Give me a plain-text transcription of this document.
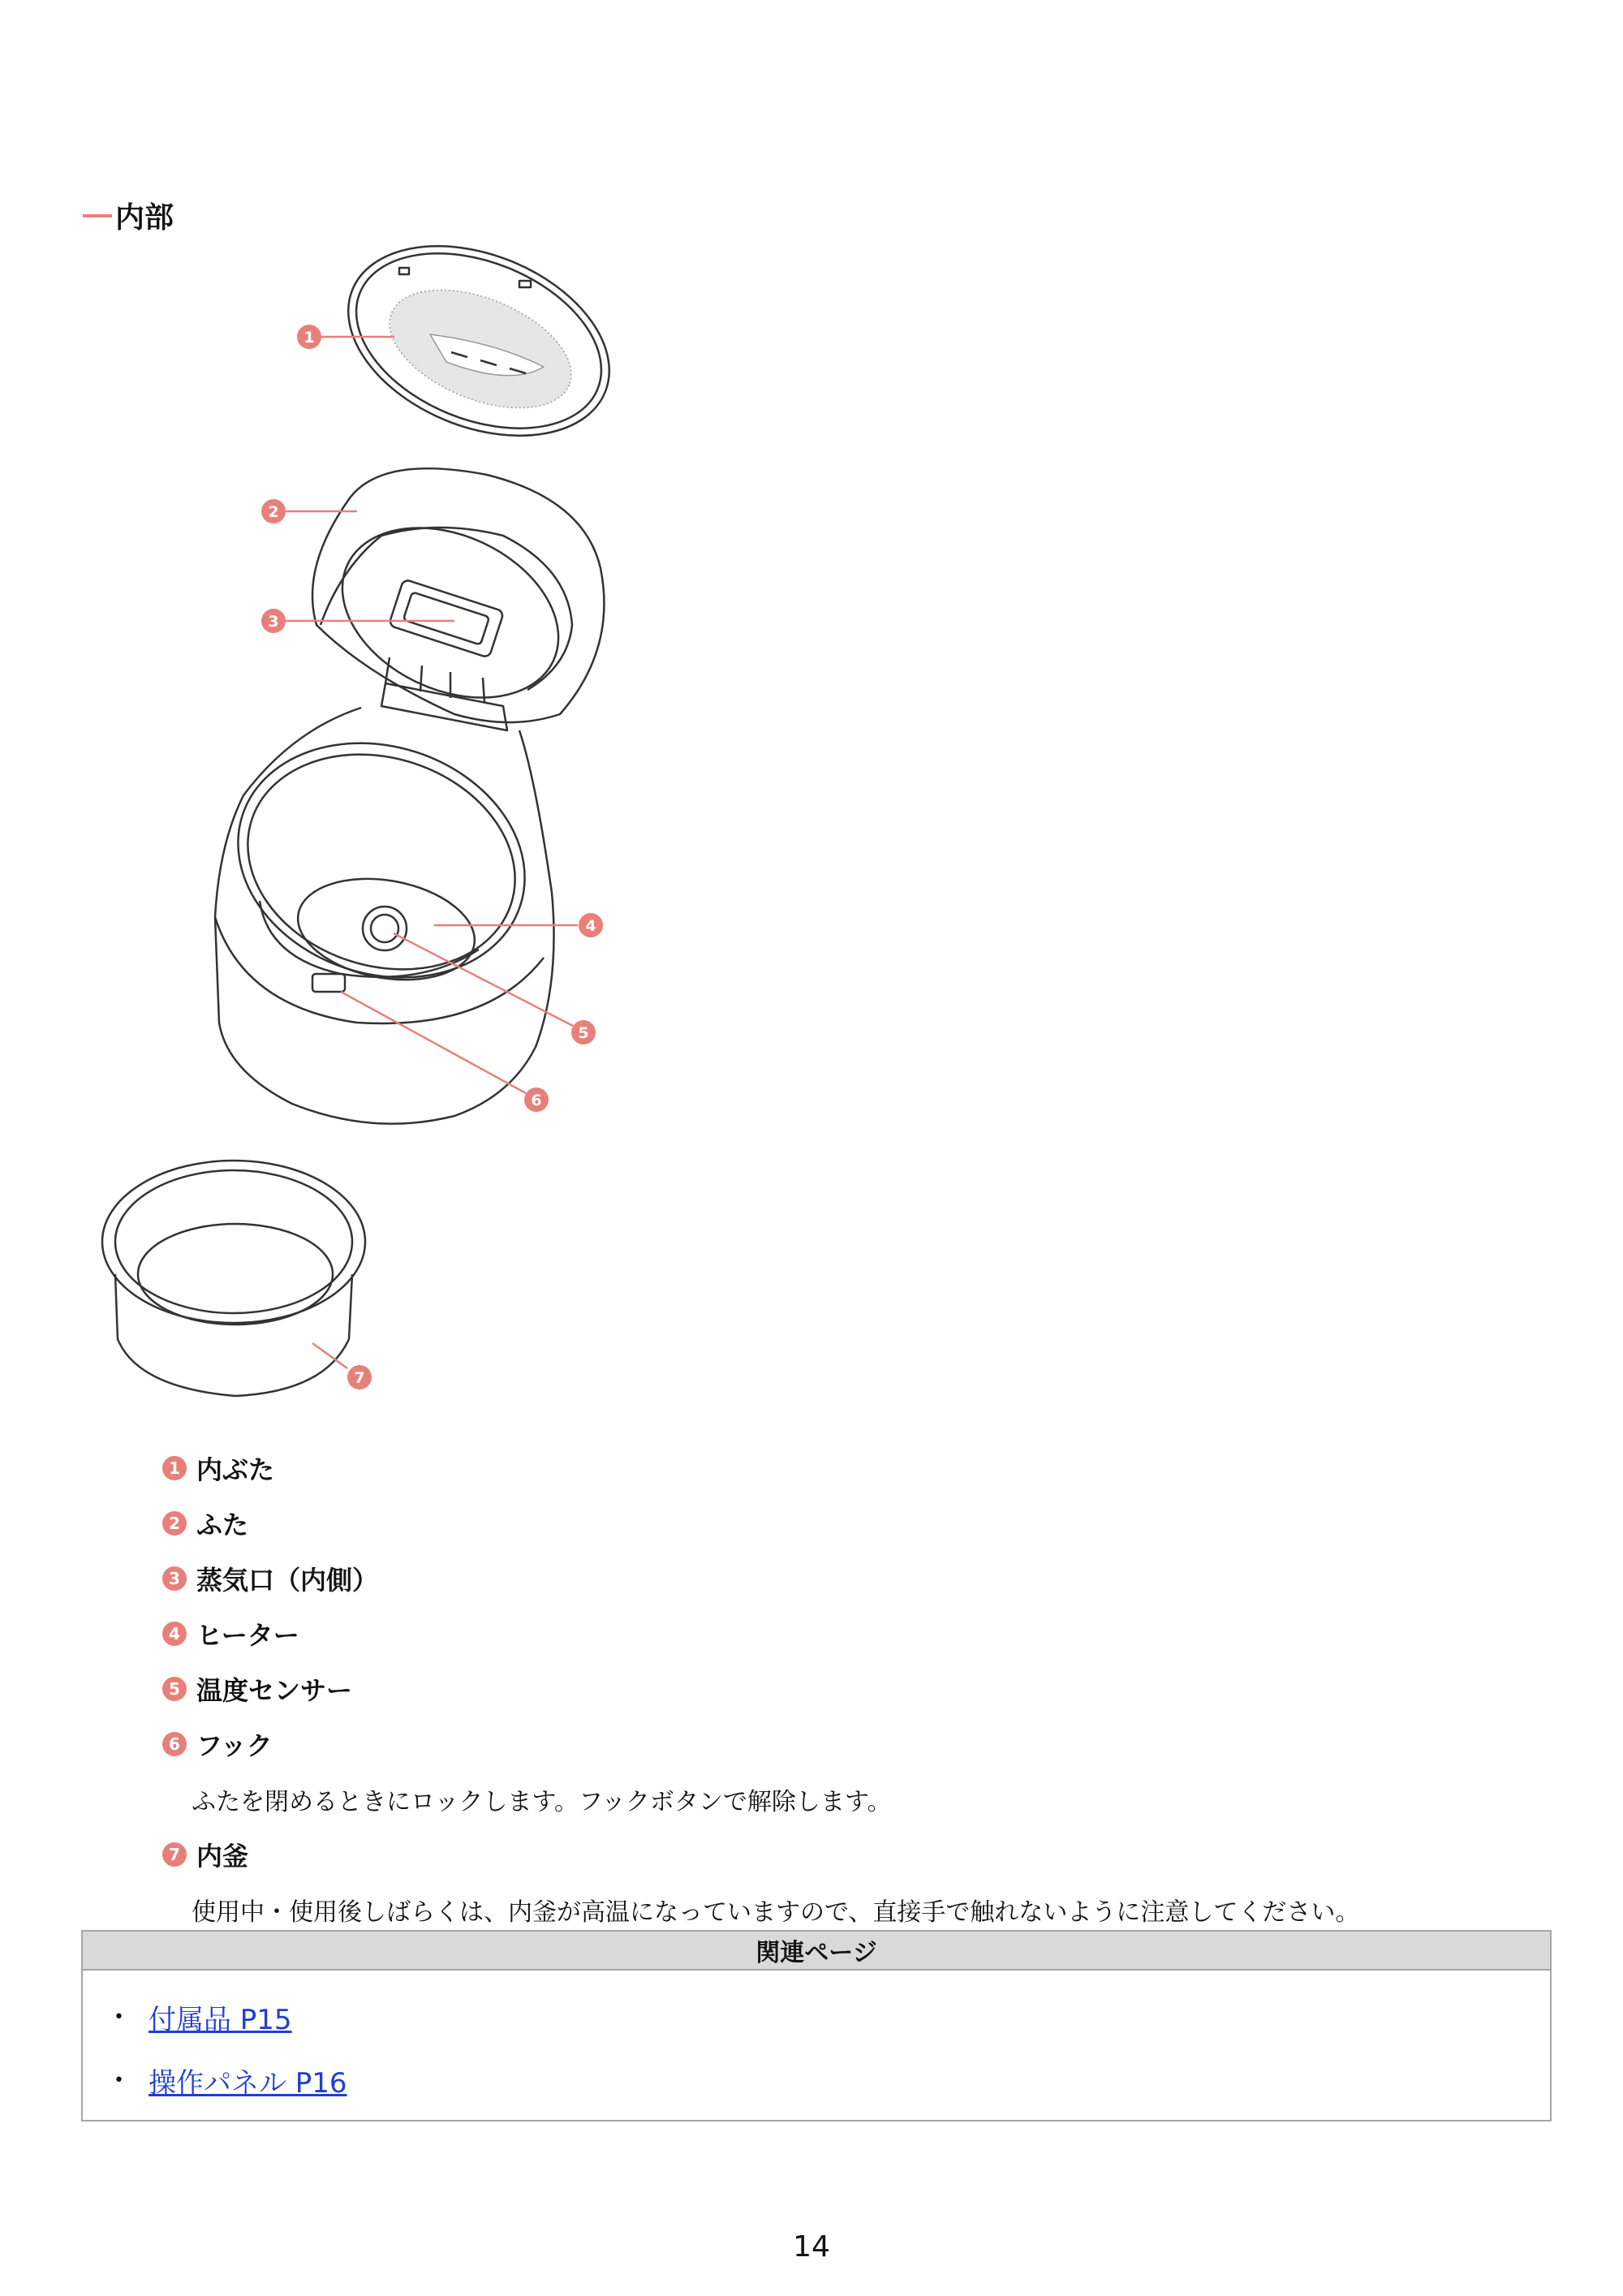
内部
1
2
3
4
5
6
7
1 内ぶた
2 ふた
3 蒸気口（内側）
4 ヒーター
5 温度センサー
6 フック
ふたを閉めるときにロックします。フックボタンで解除します。
7 内釜
使用中・使用後しばらくは、内釜が高温になっていますので、直接手で触れないように注意してください。
関連ページ
• 付属品 P15
• 操作パネル P16
14
